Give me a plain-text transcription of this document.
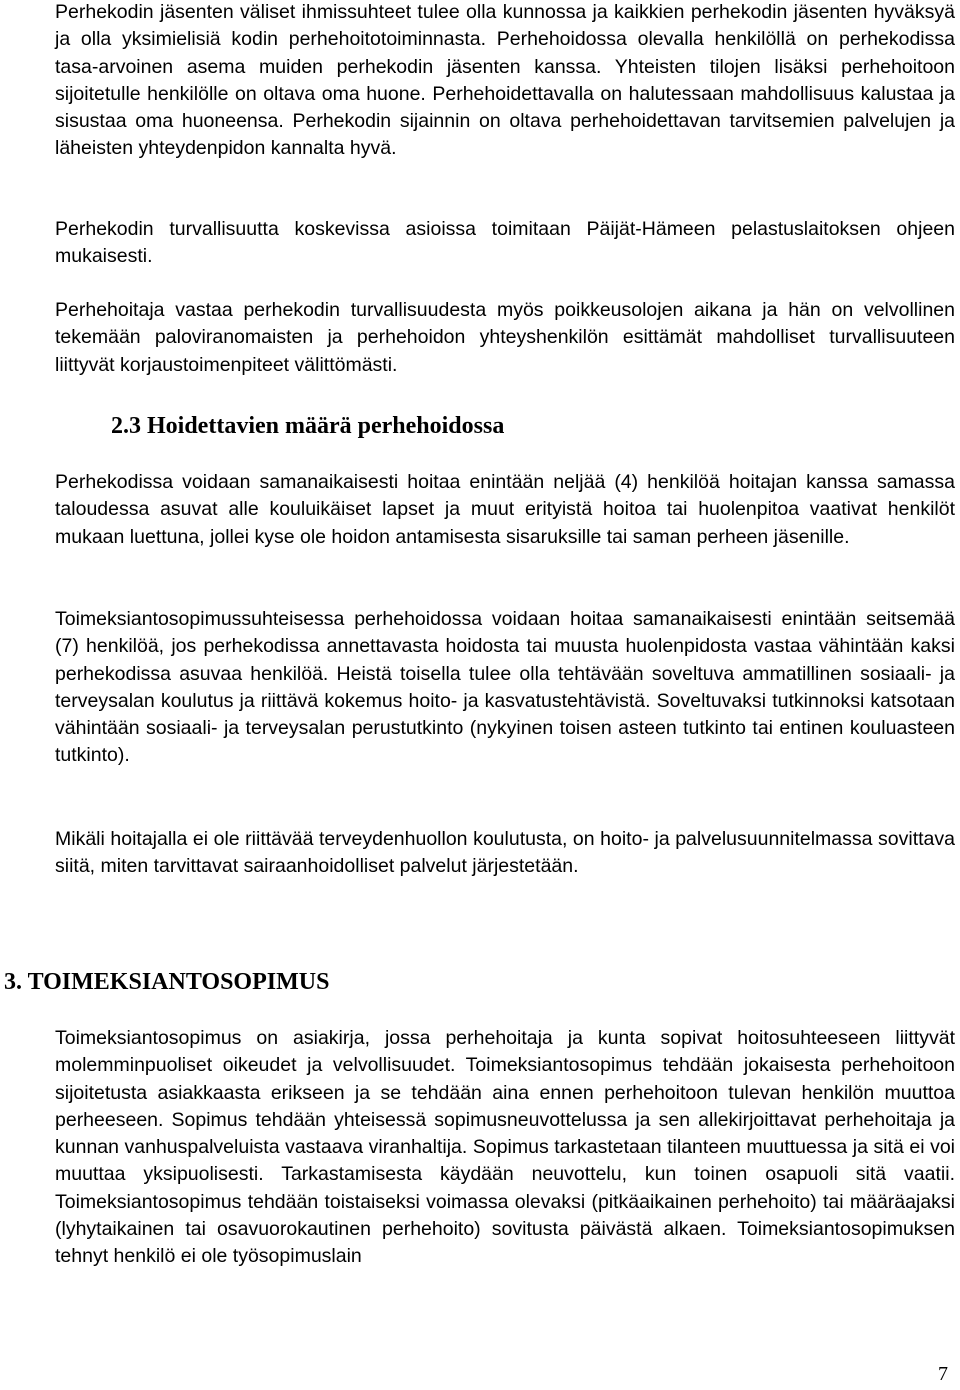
Perhekodin jäsenten väliset ihmissuhteet tulee olla kunnossa ja kaikkien perhekodin jäsenten hyväksyä ja olla yksimielisiä kodin perhehoitotoiminnasta. Perhehoidossa olevalla henkilöllä on perhekodissa tasa-arvoinen asema muiden perhekodin jäsenten kanssa. Yhteisten tilojen lisäksi perhehoitoon sijoitetulle henkilölle on oltava oma huone. Perhehoidettavalla on halutessaan mahdollisuus kalustaa ja sisustaa oma huoneensa. Perhekodin sijainnin on oltava perhehoidettavan tarvitsemien palvelujen ja läheisten yhteydenpidon kannalta hyvä.

Perhekodin turvallisuutta koskevissa asioissa toimitaan Päijät-Hämeen pelastuslaitoksen ohjeen mukaisesti.

Perhehoitaja vastaa perhekodin turvallisuudesta myös poikkeusolojen aikana ja hän on velvollinen tekemään paloviranomaisten ja perhehoidon yhteyshenkilön esittämät mahdolliset turvallisuuteen liittyvät korjaustoimenpiteet välittömästi.

2.3 Hoidettavien määrä perhehoidossa

Perhekodissa voidaan samanaikaisesti hoitaa enintään neljää (4) henkilöä hoitajan kanssa samassa taloudessa asuvat alle kouluikäiset lapset ja muut erityistä hoitoa tai huolenpitoa vaativat henkilöt mukaan luettuna, jollei kyse ole hoidon antamisesta sisaruksille tai saman perheen jäsenille.

Toimeksiantosopimussuhteisessa perhehoidossa voidaan hoitaa samanaikaisesti enintään seitsemää (7) henkilöä, jos perhekodissa annettavasta hoidosta tai muusta huolenpidosta vastaa vähintään kaksi perhekodissa asuvaa henkilöä. Heistä toisella tulee olla tehtävään soveltuva ammatillinen sosiaali- ja terveysalan koulutus ja riittävä kokemus hoito- ja kasvatustehtävistä. Soveltuvaksi tutkinnoksi katsotaan vähintään sosiaali- ja terveysalan perustutkinto (nykyinen toisen asteen tutkinto tai entinen kouluasteen tutkinto).

Mikäli hoitajalla ei ole riittävää terveydenhuollon koulutusta, on hoito- ja palvelusuunnitelmassa sovittava siitä, miten tarvittavat sairaanhoidolliset palvelut järjestetään.

3. TOIMEKSIANTOSOPIMUS

Toimeksiantosopimus on asiakirja, jossa perhehoitaja ja kunta sopivat hoitosuhteeseen liittyvät molemminpuoliset oikeudet ja velvollisuudet. Toimeksiantosopimus tehdään jokaisesta perhehoitoon sijoitetusta asiakkaasta erikseen ja se tehdään aina ennen perhehoitoon tulevan henkilön muuttoa perheeseen. Sopimus tehdään yhteisessä sopimusneuvottelussa ja sen allekirjoittavat perhehoitaja ja kunnan vanhuspalveluista vastaava viranhaltija. Sopimus tarkastetaan tilanteen muuttuessa ja sitä ei voi muuttaa yksipuolisesti. Tarkastamisesta käydään neuvottelu, kun toinen osapuoli sitä vaatii. Toimeksiantosopimus tehdään toistaiseksi voimassa olevaksi (pitkäaikainen perhehoito) tai määräajaksi (lyhytaikainen tai osavuorokautinen perhehoito) sovitusta päivästä alkaen. Toimeksiantosopimuksen tehnyt henkilö ei ole työsopimuslain

7
